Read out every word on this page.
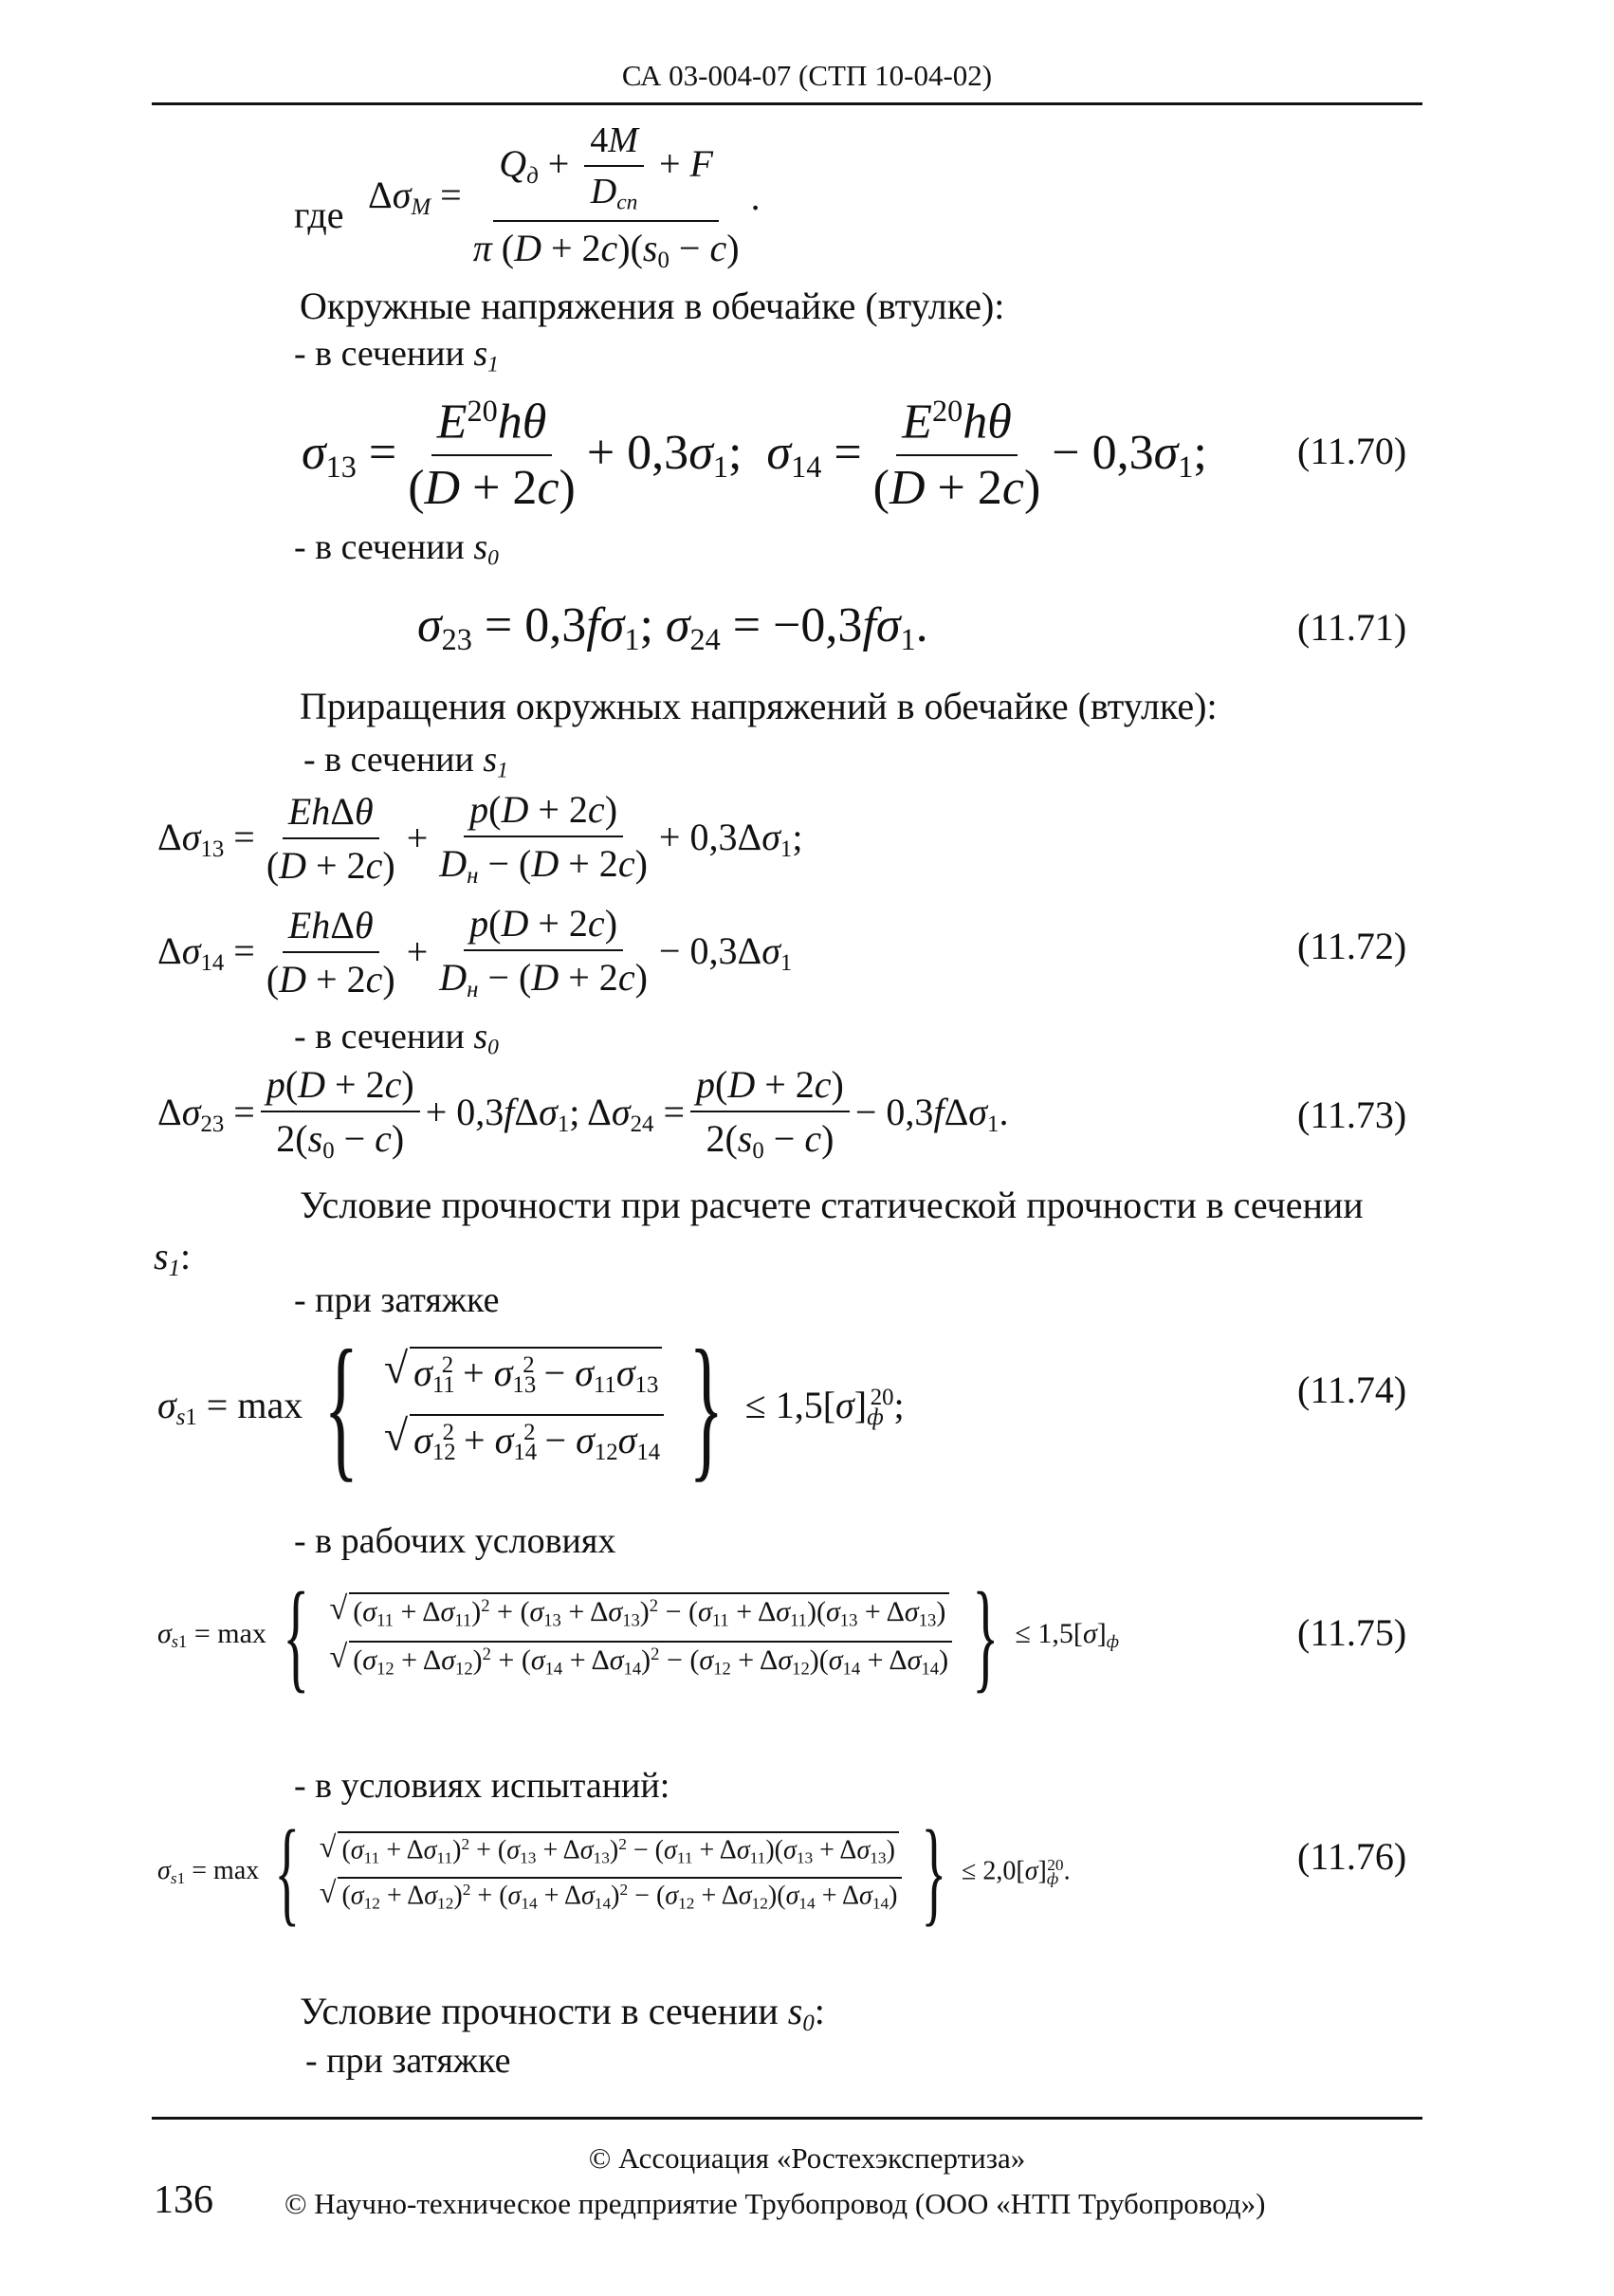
СА 03-004-07 (СТП 10-04-02)
где $\Delta\sigma_M = \frac{Q_д + \frac{4M}{D_{сп}} + F}{\pi (D + 2c)(s_0 - c)}$ .
Окружные напряжения в обечайке (втулке):
- в сечении $s_1$
$\sigma_{13} = \frac{E^{20}h\theta}{(D + 2c)} + 0,3\sigma_1$;  $\sigma_{14} = \frac{E^{20}h\theta}{(D + 2c)} - 0,3\sigma_1$; (11.70)
- в сечении $s_0$
$\sigma_{23} = 0,3f\sigma_1$; $\sigma_{24} = -0,3f\sigma_1$.	(11.71)
Приращения окружных напряжений в обечайке (втулке):
- в сечении $s_1$
$\Delta\sigma_{13} = \frac{\text{EhΔθ}}{(D + 2c)} + \frac{p(D + 2c)}{D_н - (D + 2c)} + 0,3\Delta\sigma_1$;
$\Delta\sigma_{14} = \frac{\text{EhΔθ}}{(D + 2c)} + \frac{p(D + 2c)}{D_н - (D + 2c)} - 0,3\Delta\sigma_1$	(11.72)
- в сечении $s_0$
$\Delta\sigma_{23} = \frac{p(D + 2c)}{2(s_0 - c)} + 0,3f\Delta\sigma_1$; $\Delta\sigma_{24} = \frac{p(D + 2c)}{2(s_0 - c)} - 0,3f\Delta\sigma_1$.	(11.73)
Условие прочности при расчете статической прочности в сечении
$s_1$:
- при затяжке
$\sigma_{s1} = \max$ { √ $\sigma_{11}^2 + \sigma_{13}^2 - \sigma_{11}\sigma_{13}$
√ $\sigma_{12}^2 + \sigma_{14}^2 - \sigma_{12}\sigma_{14}$ } ≤ $1,5[\sigma]_ф^{20}$;	(11.74)
- в рабочих условиях
$\sigma_{s1} = \max$ { √ $(\sigma_{11} + \Delta\sigma_{11})^2 + (\sigma_{13} + \Delta\sigma_{13})^2 - (\sigma_{11} + \Delta\sigma_{11})(\sigma_{13} + \Delta\sigma_{13})$
√ $(\sigma_{12} + \Delta\sigma_{12})^2 + (\sigma_{14} + \Delta\sigma_{14})^2 - (\sigma_{12} + \Delta\sigma_{12})(\sigma_{14} + \Delta\sigma_{14})$ } ≤ $1,5[\sigma]_ф$	(11.75)
- в условиях испытаний:
$\sigma_{s1} = \max$ { √ $(\sigma_{11} + \Delta\sigma_{11})^2 + (\sigma_{13} + \Delta\sigma_{13})^2 - (\sigma_{11} + \Delta\sigma_{11})(\sigma_{13} + \Delta\sigma_{13})$
√ $(\sigma_{12} + \Delta\sigma_{12})^2 + (\sigma_{14} + \Delta\sigma_{14})^2 - (\sigma_{12} + \Delta\sigma_{12})(\sigma_{14} + \Delta\sigma_{14})$ } ≤ $2,0[\sigma]_ф^{20}$.	(11.76)
Условие прочности в сечении $s_0$:
- при затяжке
© Ассоциация «Ростехэкспертиза»
136 © Научно-техническое предприятие Трубопровод (ООО «НТП Трубопровод»)
